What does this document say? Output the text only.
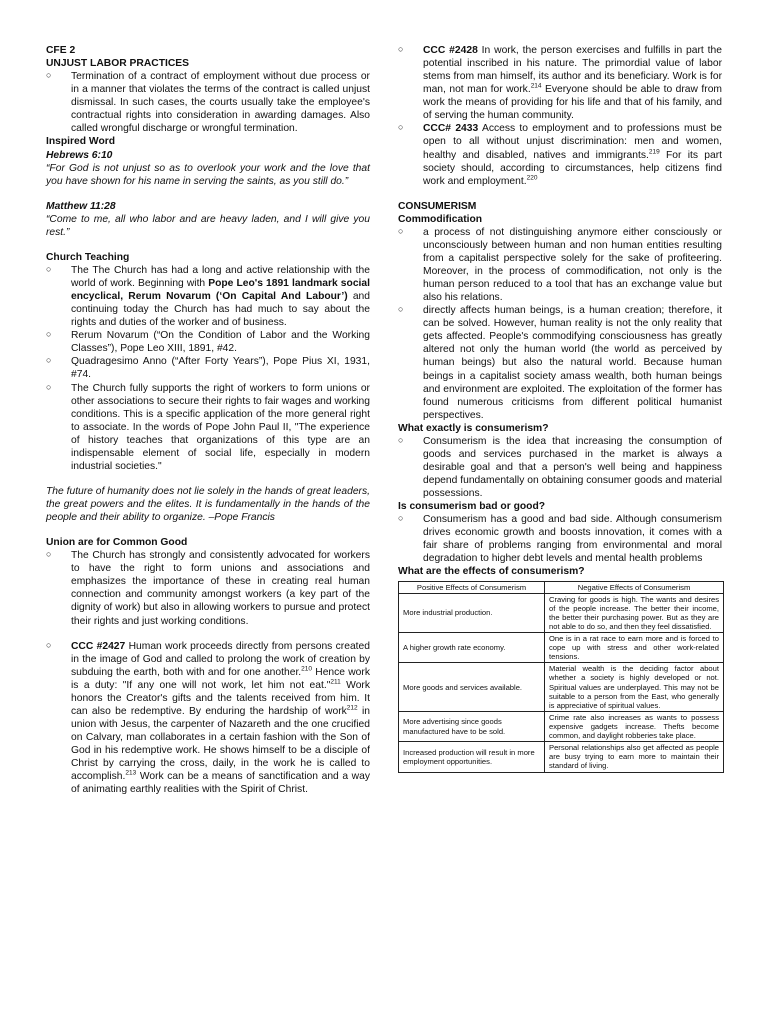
CFE 2
UNJUST LABOR PRACTICES
○ Termination of a contract of employment without due process or in a manner that violates the terms of the contract is called unjust dismissal. In such cases, the courts usually take the employee's contractual rights into consideration in awarding damages. Also called wrongful discharge or wrongful termination.
Inspired Word
Hebrews 6:10
“For God is not unjust so as to overlook your work and the love that you have shown for his name in serving the saints, as you still do.”
Matthew 11:28
“Come to me, all who labor and are heavy laden, and I will give you rest.”
Church Teaching
○ The The Church has had a long and active relationship with the world of work. Beginning with Pope Leo's 1891 landmark social encyclical, Rerum Novarum (‘On Capital And Labour’) and continuing today the Church has had much to say about the rights and duties of the worker and of business.
○ Rerum Novarum (“On the Condition of Labor and the Working Classes”), Pope Leo XIII, 1891, #42.
○ Quadragesimo Anno (“After Forty Years”), Pope Pius XI, 1931, #74.
○ The Church fully supports the right of workers to form unions or other associations to secure their rights to fair wages and working conditions. This is a specific application of the more general right to associate. In the words of Pope John Paul II, "The experience of history teaches that organizations of this type are an indispensable element of social life, especially in modern industrial societies."
The future of humanity does not lie solely in the hands of great leaders, the great powers and the elites. It is fundamentally in the hands of the people and their ability to organize. –Pope Francis
Union are for Common Good
○ The Church has strongly and consistently advocated for workers to have the right to form unions and associations and emphasizes the importance of these in creating real human connection and community amongst workers (a key part of the dignity of work) but also in allowing workers to pursue and protect their rights and just working conditions.
○ CCC #2427 Human work proceeds directly from persons created in the image of God and called to prolong the work of creation by subduing the earth, both with and for one another.$^{210}$ Hence work is a duty: "If any one will not work, let him not eat."$^{211}$ Work honors the Creator's gifts and the talents received from him. It can also be redemptive. By enduring the hardship of work$^{212}$ in union with Jesus, the carpenter of Nazareth and the one crucified on Calvary, man collaborates in a certain fashion with the Son of God in his redemptive work. He shows himself to be a disciple of Christ by carrying the cross, daily, in the work he is called to accomplish.$^{213}$ Work can be a means of sanctification and a way of animating earthly realities with the Spirit of Christ.
○ CCC #2428 In work, the person exercises and fulfills in part the potential inscribed in his nature. The primordial value of labor stems from man himself, its author and its beneficiary. Work is for man, not man for work.$^{214}$ Everyone should be able to draw from work the means of providing for his life and that of his family, and of serving the human community.
○ CCC# 2433 Access to employment and to professions must be open to all without unjust discrimination: men and women, healthy and disabled, natives and immigrants.$^{219}$ For its part society should, according to circumstances, help citizens find work and employment.$^{220}$
CONSUMERISM
Commodification
○ a process of not distinguishing anymore either consciously or unconsciously between human and non human entities resulting from a capitalist perspective solely for the sake of profiteering. Moreover, in the process of commodification, not only is the human person reduced to a tool that has an exchange value but also his relations.
○ directly affects human beings, is a human creation; therefore, it can be solved. However, human reality is not the only reality that gets affected. People's commodifying consciousness has greatly altered not only the human world (the world as perceived by human beings) but also the natural world. Because human beings in a capitalist society amass wealth, both human beings and environment are exploited. The exploitation of the former has found numerous criticisms from different political humanist perspectives.
What exactly is consumerism?
○ Consumerism is the idea that increasing the consumption of goods and services purchased in the market is always a desirable goal and that a person's well being and happiness depend fundamentally on obtaining consumer goods and material possessions.
Is consumerism bad or good?
○ Consumerism has a good and bad side. Although consumerism drives economic growth and boosts innovation, it comes with a fair share of problems ranging from environmental and moral degradation to higher debt levels and mental health problems
What are the effects of consumerism?
Positive Effects of Consumerism	Negative Effects of Consumerism
More industrial production.	Craving for goods is high. The wants and desires of the people increase. The better their income, the better their purchasing power. But as they are not able to do so, and then they feel dissatisfied.
A higher growth rate economy.	One is in a rat race to earn more and is forced to cope up with stress and other work-related tensions.
More goods and services available.	Material wealth is the deciding factor about whether a society is highly developed or not. Spiritual values are underplayed. This may not be suitable to a person from the East, who generally is appreciative of spiritual values.
More advertising since goods manufactured have to be sold.	Crime rate also increases as wants to possess expensive gadgets increase. Thefts become common, and daylight robberies take place.
Increased production will result in more employment opportunities.	Personal relationships also get affected as people are busy trying to earn more to maintain their standard of living.
